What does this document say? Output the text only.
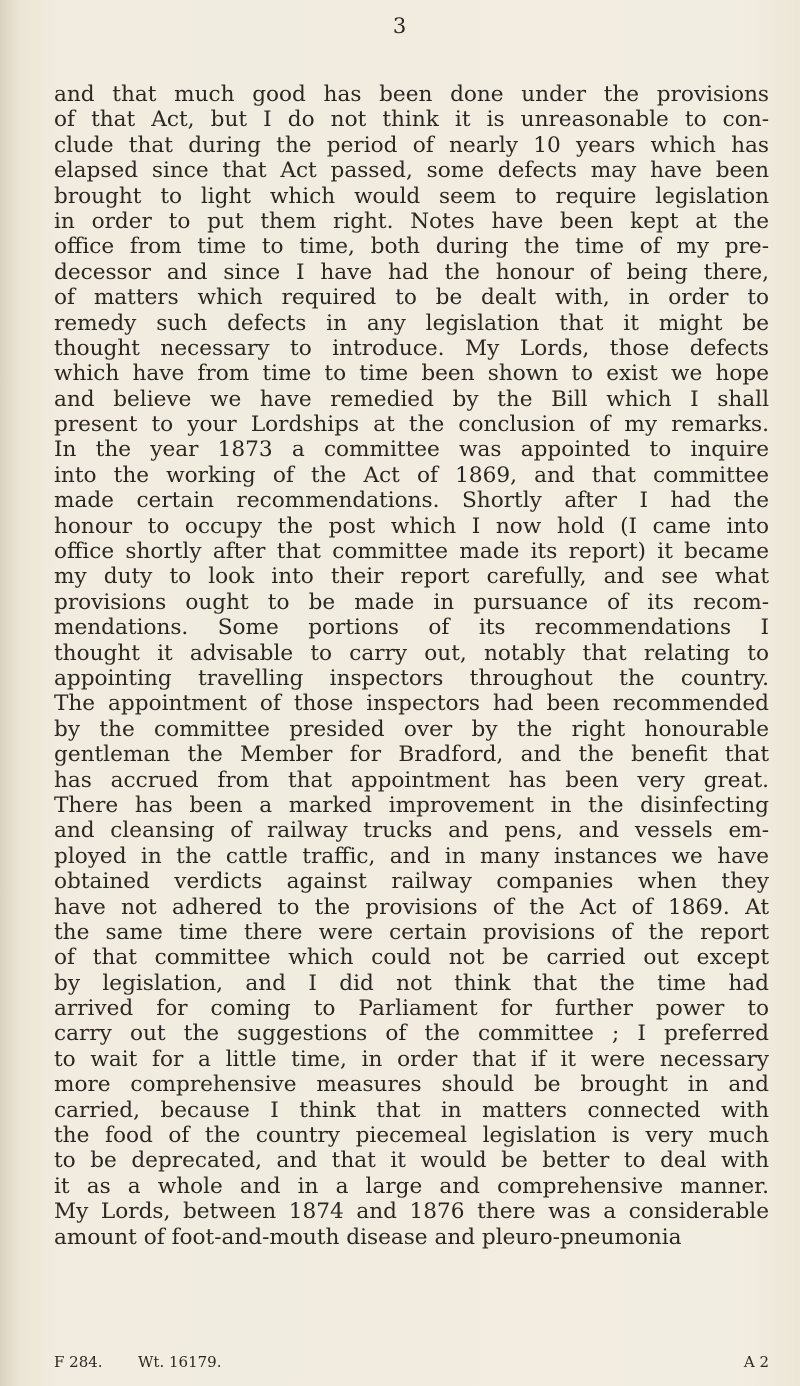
3
and that much good has been done under the provisions
of that Act, but I do not think it is unreasonable to con-
clude that during the period of nearly 10 years which has
elapsed since that Act passed, some defects may have been
brought to light which would seem to require legislation
in order to put them right. Notes have been kept at the
office from time to time, both during the time of my pre-
decessor and since I have had the honour of being there,
of matters which required to be dealt with, in order to
remedy such defects in any legislation that it might be
thought necessary to introduce. My Lords, those defects
which have from time to time been shown to exist we hope
and believe we have remedied by the Bill which I shall
present to your Lordships at the conclusion of my remarks.
In the year 1873 a committee was appointed to inquire
into the working of the Act of 1869, and that committee
made certain recommendations. Shortly after I had the
honour to occupy the post which I now hold (I came into
office shortly after that committee made its report) it became
my duty to look into their report carefully, and see what
provisions ought to be made in pursuance of its recom-
mendations. Some portions of its recommendations I
thought it advisable to carry out, notably that relating to
appointing travelling inspectors throughout the country.
The appointment of those inspectors had been recommended
by the committee presided over by the right honourable
gentleman the Member for Bradford, and the benefit that
has accrued from that appointment has been very great.
There has been a marked improvement in the disinfecting
and cleansing of railway trucks and pens, and vessels em-
ployed in the cattle traffic, and in many instances we have
obtained verdicts against railway companies when they
have not adhered to the provisions of the Act of 1869. At
the same time there were certain provisions of the report
of that committee which could not be carried out except
by legislation, and I did not think that the time had
arrived for coming to Parliament for further power to
carry out the suggestions of the committee ; I preferred
to wait for a little time, in order that if it were necessary
more comprehensive measures should be brought in and
carried, because I think that in matters connected with
the food of the country piecemeal legislation is very much
to be deprecated, and that it would be better to deal with
it as a whole and in a large and comprehensive manner.
My Lords, between 1874 and 1876 there was a considerable
amount of foot-and-mouth disease and pleuro-pneumonia
F 284.	Wt. 16179.	A 2
